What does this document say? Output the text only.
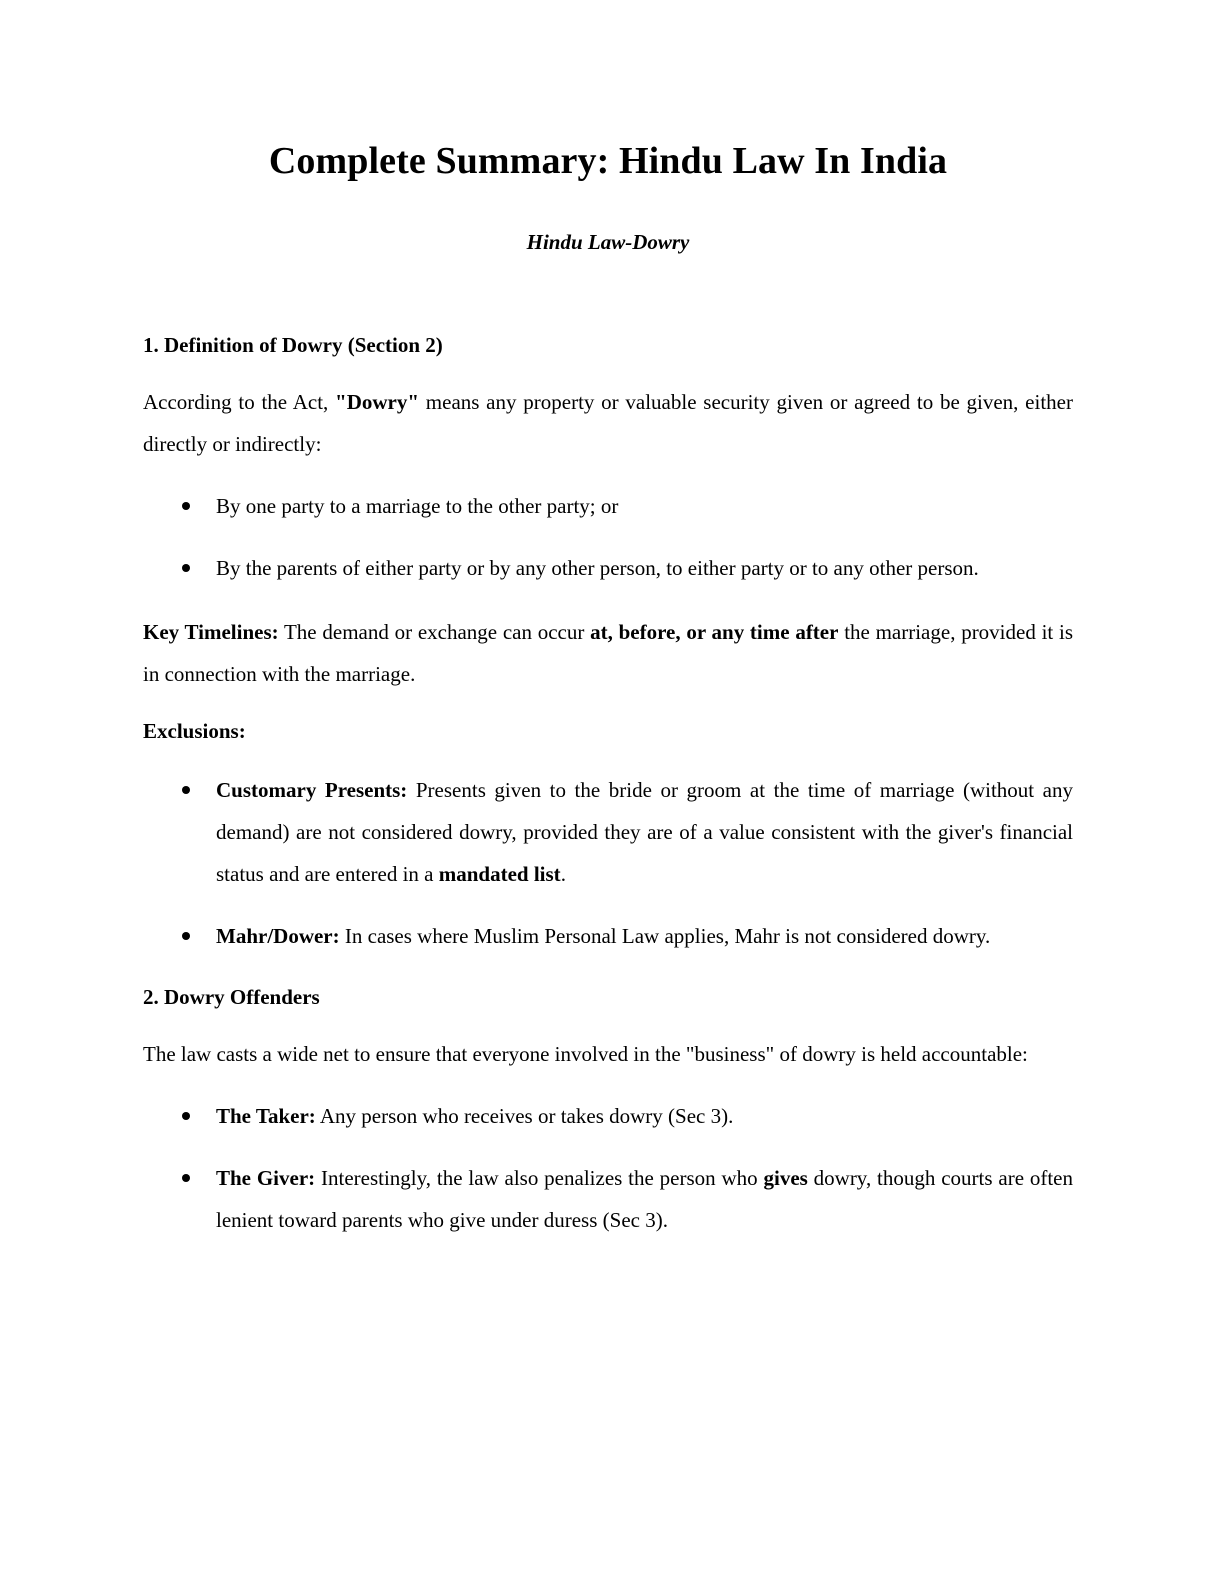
Complete Summary: Hindu Law In India
Hindu Law-Dowry
1. Definition of Dowry (Section 2)

According to the Act, "Dowry" means any property or valuable security given or agreed to be given, either directly or indirectly:

By one party to a marriage to the other party; or
By the parents of either party or by any other person, to either party or to any other person.

Key Timelines: The demand or exchange can occur at, before, or any time after the marriage, provided it is in connection with the marriage.

Exclusions:
Customary Presents: Presents given to the bride or groom at the time of marriage (without any demand) are not considered dowry, provided they are of a value consistent with the giver's financial status and are entered in a mandated list.
Mahr/Dower: In cases where Muslim Personal Law applies, Mahr is not considered dowry.
2. Dowry Offenders

The law casts a wide net to ensure that everyone involved in the "business" of dowry is held accountable:

The Taker: Any person who receives or takes dowry (Sec 3).
The Giver: Interestingly, the law also penalizes the person who gives dowry, though courts are often lenient toward parents who give under duress (Sec 3).
